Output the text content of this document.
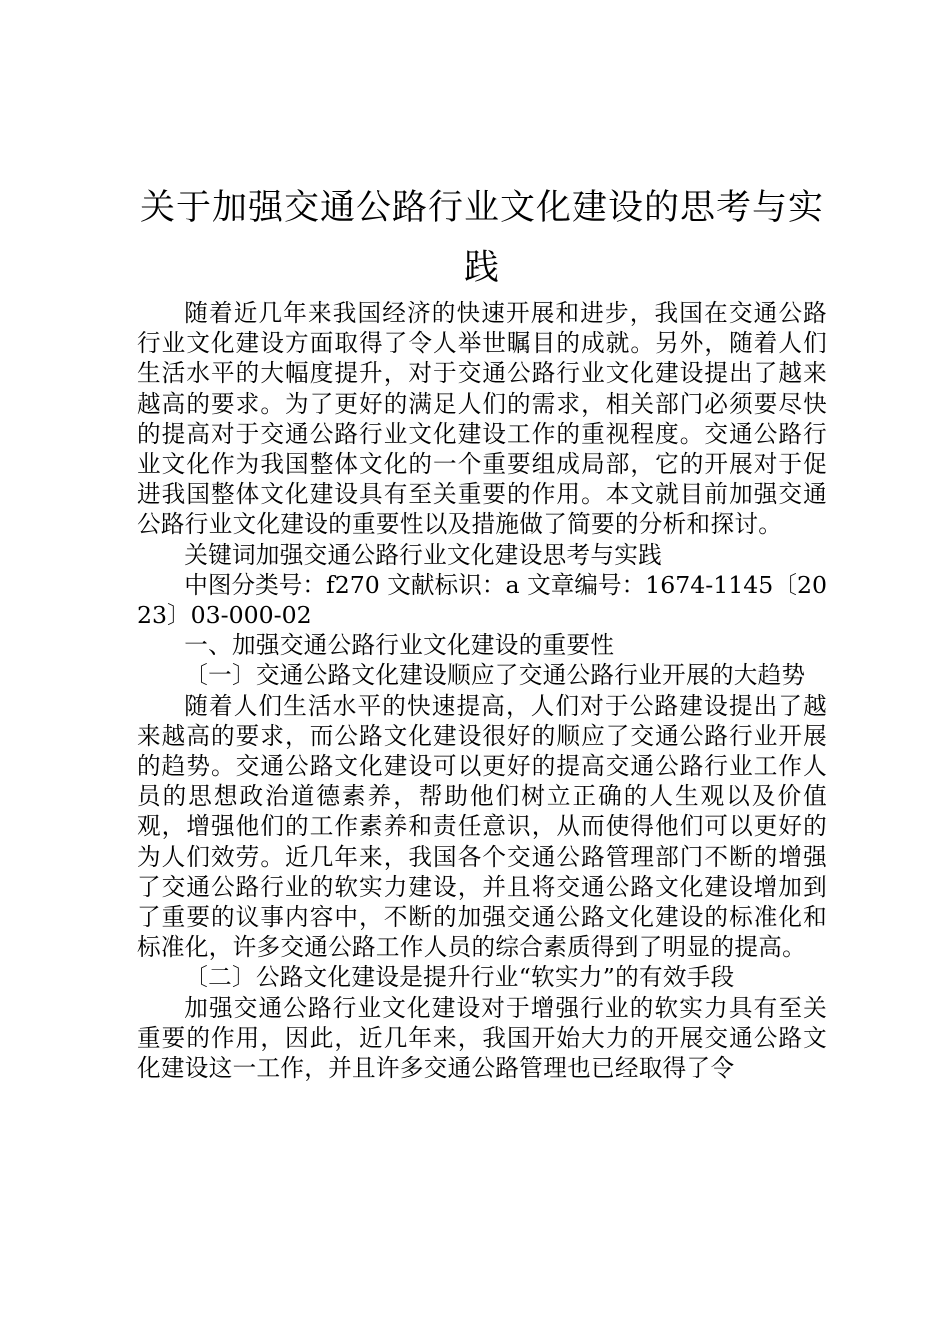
关于加强交通公路行业文化建设的思考与实践

随着近几年来我国经济的快速开展和进步，我国在交通公路行业文化建设方面取得了令人举世瞩目的成就。另外，随着人们生活水平的大幅度提升，对于交通公路行业文化建设提出了越来越高的要求。为了更好的满足人们的需求，相关部门必须要尽快的提高对于交通公路行业文化建设工作的重视程度。交通公路行业文化作为我国整体文化的一个重要组成局部，它的开展对于促进我国整体文化建设具有至关重要的作用。本文就目前加强交通公路行业文化建设的重要性以及措施做了简要的分析和探讨。

关键词加强交通公路行业文化建设思考与实践

中图分类号：f270 文献标识：a 文章编号：1674-1145〔2023〕03-000-02

一、加强交通公路行业文化建设的重要性

〔一〕交通公路文化建设顺应了交通公路行业开展的大趋势

随着人们生活水平的快速提高，人们对于公路建设提出了越来越高的要求，而公路文化建设很好的顺应了交通公路行业开展的趋势。交通公路文化建设可以更好的提高交通公路行业工作人员的思想政治道德素养，帮助他们树立正确的人生观以及价值观，增强他们的工作素养和责任意识，从而使得他们可以更好的为人们效劳。近几年来，我国各个交通公路管理部门不断的增强了交通公路行业的软实力建设，并且将交通公路文化建设增加到了重要的议事内容中，不断的加强交通公路文化建设的标准化和标准化，许多交通公路工作人员的综合素质得到了明显的提高。

〔二〕公路文化建设是提升行业“软实力”的有效手段

加强交通公路行业文化建设对于增强行业的软实力具有至关重要的作用，因此，近几年来，我国开始大力的开展交通公路文化建设这一工作，并且许多交通公路管理也已经取得了令
